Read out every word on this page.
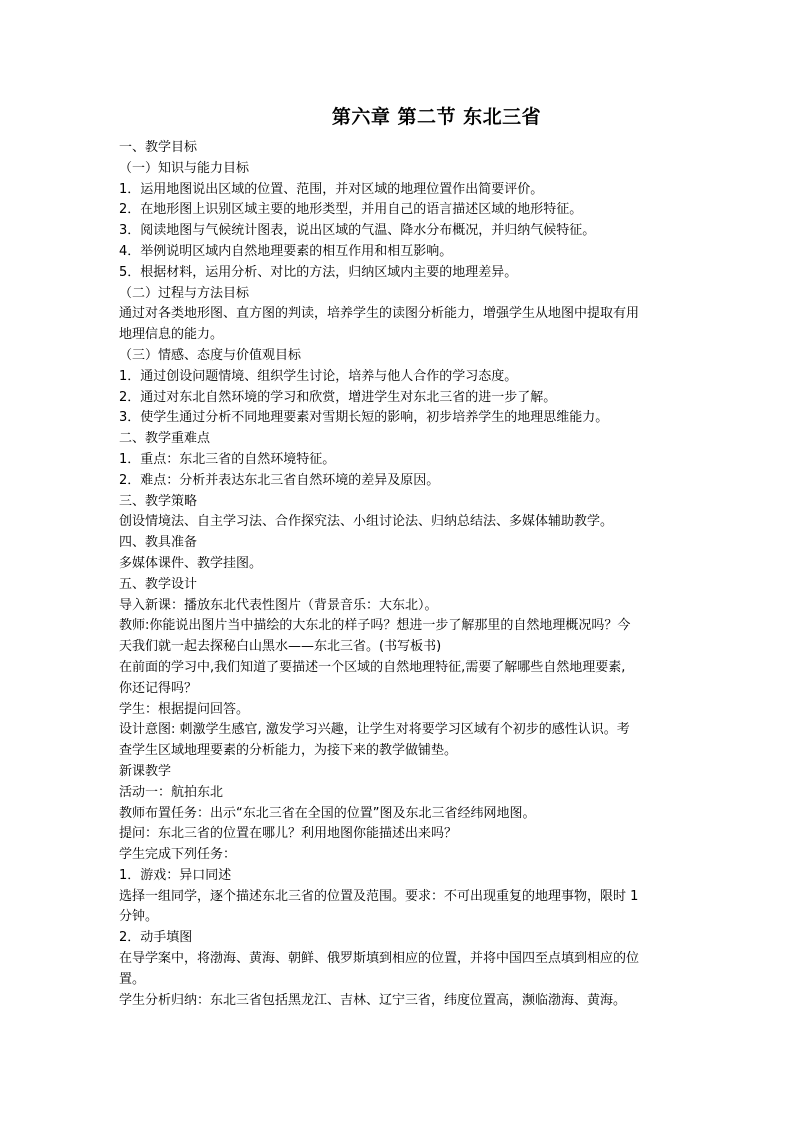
第六章 第二节 东北三省
一、教学目标
（一）知识与能力目标
1．运用地图说出区域的位置、范围，并对区域的地理位置作出简要评价。
2．在地形图上识别区域主要的地形类型，并用自己的语言描述区域的地形特征。
3．阅读地图与气候统计图表，说出区域的气温、降水分布概况，并归纳气候特征。
4．举例说明区域内自然地理要素的相互作用和相互影响。
5．根据材料，运用分析、对比的方法，归纳区域内主要的地理差异。
（二）过程与方法目标
通过对各类地形图、直方图的判读，培养学生的读图分析能力，增强学生从地图中提取有用
地理信息的能力。
（三）情感、态度与价值观目标
1．通过创设问题情境、组织学生讨论，培养与他人合作的学习态度。
2．通过对东北自然环境的学习和欣赏，增进学生对东北三省的进一步了解。
3．使学生通过分析不同地理要素对雪期长短的影响，初步培养学生的地理思维能力。
二、教学重难点
1．重点：东北三省的自然环境特征。
2．难点：分析并表达东北三省自然环境的差异及原因。
三、教学策略
创设情境法、自主学习法、合作探究法、小组讨论法、归纳总结法、多媒体辅助教学。
四、教具准备
多媒体课件、教学挂图。
五、教学设计
导入新课：播放东北代表性图片（背景音乐：大东北）。
教师:你能说出图片当中描绘的大东北的样子吗？想进一步了解那里的自然地理概况吗？今
天我们就一起去探秘白山黑水——东北三省。(书写板书)
在前面的学习中,我们知道了要描述一个区域的自然地理特征,需要了解哪些自然地理要素,
你还记得吗？
学生：根据提问回答。
设计意图: 刺激学生感官, 激发学习兴趣，让学生对将要学习区域有个初步的感性认识。考
查学生区域地理要素的分析能力，为接下来的教学做铺垫。
新课教学
活动一：航拍东北
教师布置任务：出示“东北三省在全国的位置”图及东北三省经纬网地图。
提问：东北三省的位置在哪儿？利用地图你能描述出来吗？
学生完成下列任务：
1．游戏：异口同述
选择一组同学，逐个描述东北三省的位置及范围。要求：不可出现重复的地理事物，限时 1
分钟。
2．动手填图
在导学案中，将渤海、黄海、朝鲜、俄罗斯填到相应的位置，并将中国四至点填到相应的位
置。
学生分析归纳：东北三省包括黑龙江、吉林、辽宁三省，纬度位置高，濒临渤海、黄海。
